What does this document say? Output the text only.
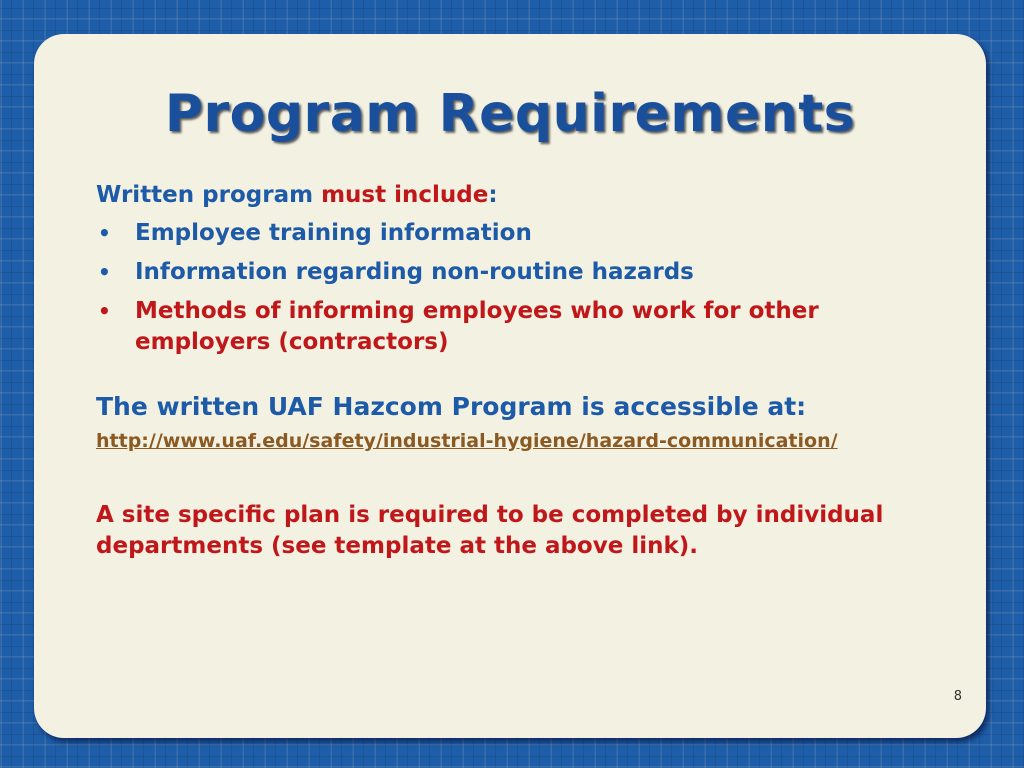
Program Requirements

Written program must include:

• Employee training information
• Information regarding non-routine hazards
• Methods of informing employees who work for other employers (contractors)

The written UAF Hazcom Program is accessible at:

http://www.uaf.edu/safety/industrial-hygiene/hazard-communication/

A site specific plan is required to be completed by individual departments (see template at the above link).

8
